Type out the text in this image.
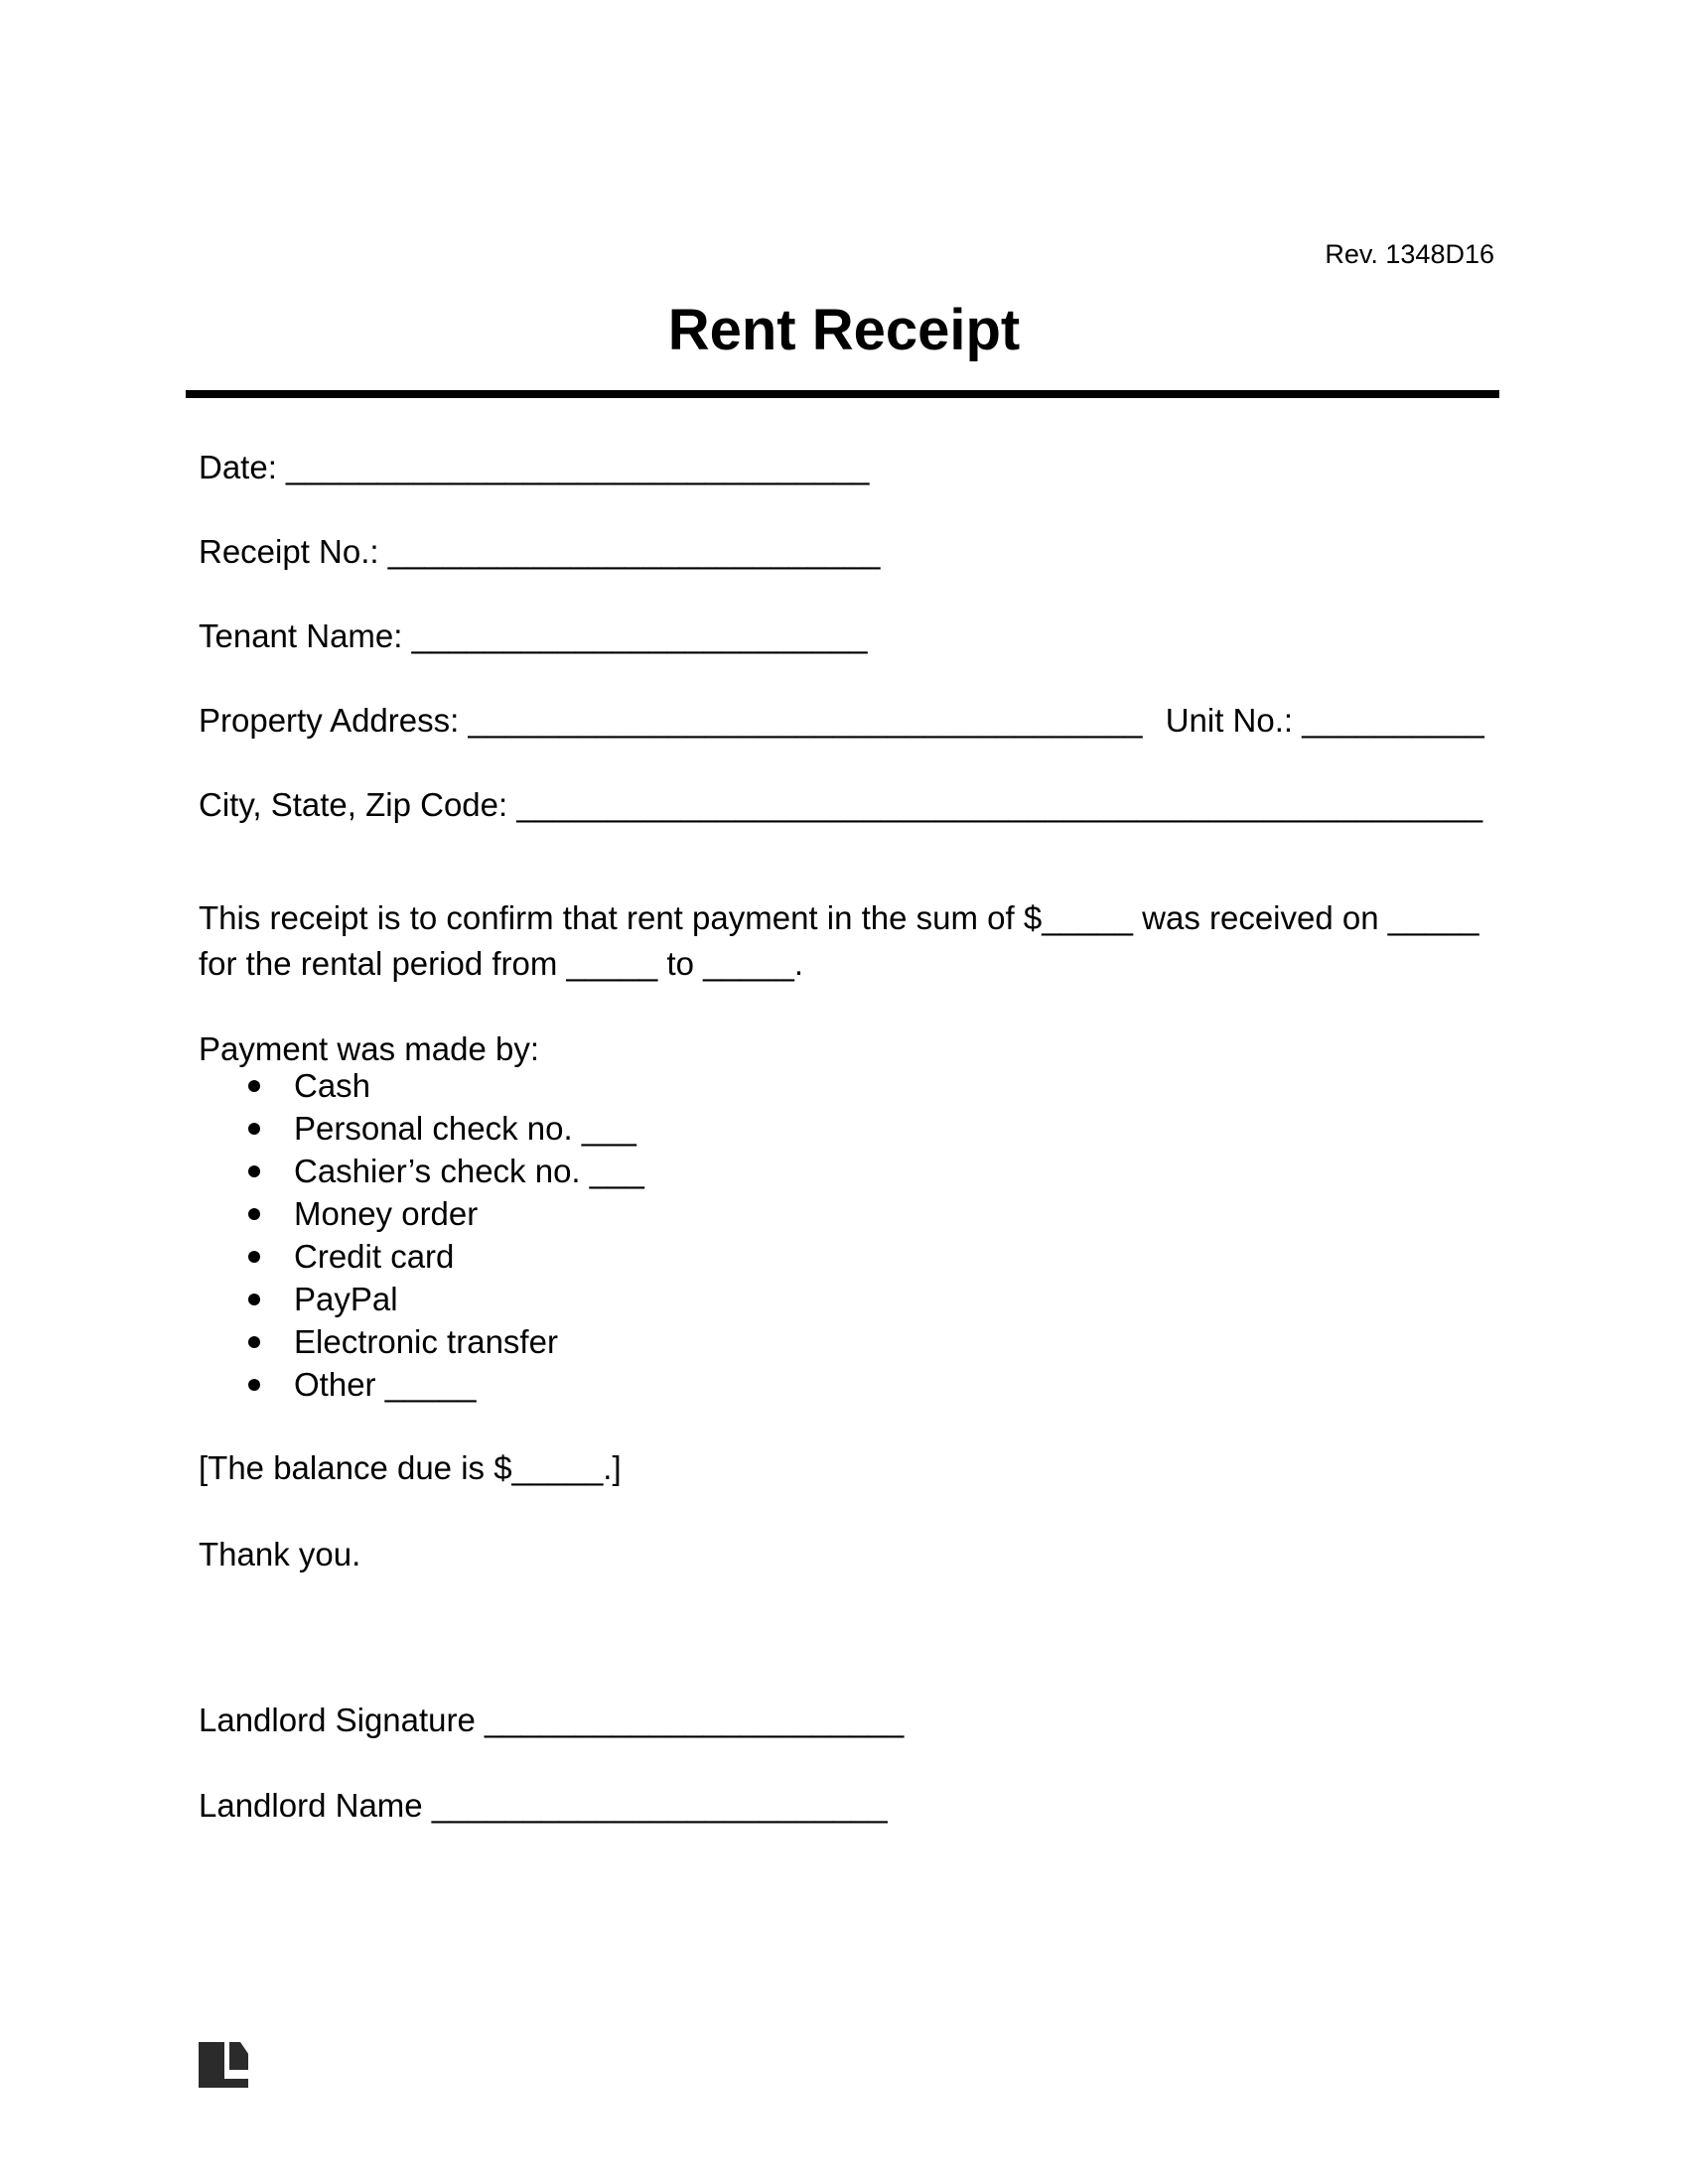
Rev. 1348D16
Rent Receipt
Date: ________________________________
Receipt No.: ___________________________
Tenant Name: _________________________
Property Address: _____________________________________ Unit No.: __________
City, State, Zip Code: _____________________________________________________

This receipt is to confirm that rent payment in the sum of $_____ was received on _____ for the rental period from _____ to _____.

Payment was made by:
Cash
Personal check no. ___
Cashier’s check no. ___
Money order
Credit card
PayPal
Electronic transfer
Other _____
[The balance due is $_____.]
Thank you.
Landlord Signature _______________________
Landlord Name _________________________
